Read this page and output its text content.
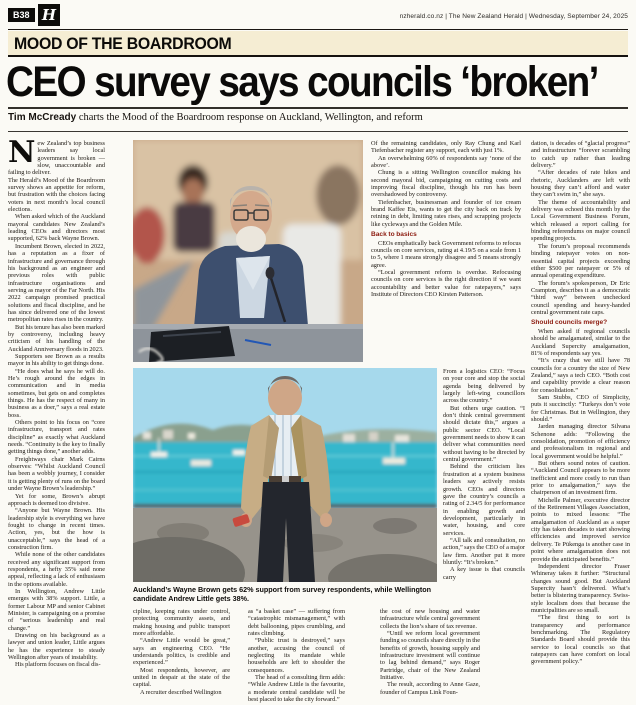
B38 H	nzherald.co.nz | The New Zealand Herald | Wednesday, September 24, 2025
MOOD OF THE BOARDROOM
CEO survey says councils ‘broken’
Tim McCready charts the Mood of the Boardroom response on Auckland, Wellington, and reform

New Zealand’s top business leaders say local government is broken — slow, unaccountable and failing to deliver.

The Herald’s Mood of the Boardroom survey shows an appetite for reform, but frustration with the choices facing voters in next month’s local council elections.

When asked which of the Auckland mayoral candidates New Zealand’s leading CEOs and directors most supported, 62% back Wayne Brown.

Incumbent Brown, elected in 2022, has a reputation as a fixer of infrastructure and governance through his background as an engineer and previous roles with public infrastructure organisations and serving as mayor of the Far North. His 2022 campaign promised practical solutions and fiscal discipline, and he has since delivered one of the lowest metropolitan rates rises in the country.

But his tenure has also been marked by controversy, including heavy criticism of his handling of the Auckland Anniversary floods in 2023.

Supporters see Brown as a results mayor in his ability to get things done.

“He does what he says he will do. He’s rough around the edges in communication and in media sometimes, but gets on and completes things. He has the respect of many in business as a doer,” says a real estate boss.

Others point to his focus on “core infrastructure, transport and rates discipline” as exactly what Auckland needs. “Continuity is the key to finally getting things done,” another adds.

Freightways chair Mark Cairns observes: “Whilst Auckland Council has been a wobbly journey, I consider it is getting plenty of runs on the board under Wayne Brown’s leadership.”

Yet for some, Brown’s abrupt approach is deemed too divisive.

“Anyone but Wayne Brown. His leadership style is everything we have fought to change in recent times. Action, yes, but the how is unacceptable,” says the head of a construction firm.

While none of the other candidates received any significant support from respondents, a hefty 35% said none appeal, reflecting a lack of enthusiasm in the options available.

In Wellington, Andrew Little emerges with 38% support. Little, a former Labour MP and senior Cabinet Minister, is campaigning on a promise of “serious leadership and real change.”

Drawing on his background as a lawyer and union leader, Little argues he has the experience to steady Wellington after years of instability.

His platform focuses on fiscal dis-

Of the remaining candidates, only Ray Chung and Karl Tiefenbacher register any support, each with just 1%.

An overwhelming 60% of respondents say ‘none of the above’.

Chung is a sitting Wellington councillor making his second mayoral bid, campaigning on cutting costs and improving fiscal discipline, though his run has been overshadowed by controversy.

Tiefenbacher, businessman and founder of ice cream brand Kaffee Eis, wants to get the city back on track by reining in debt, limiting rates rises, and scrapping projects like cycleways and the Golden Mile.

Back to basics

CEOs emphatically back Government reforms to refocus councils on core services, rating at 4.19/5 on a scale from 1 to 5, where 1 means strongly disagree and 5 means strongly agree.

“Local government reform is overdue. Refocusing councils on core services is the right direction if we want accountability and better value for ratepayers,” says Institute of Directors CEO Kirsten Patterson.

dation, is decades of “glacial progress” and infrastructure “forever scrambling to catch up rather than leading delivery.”

“After decades of rate hikes and rhetoric, Aucklanders are left with housing they can’t afford and water they can’t swim in,” she says.

The theme of accountability and delivery was echoed this month by the Local Government Business Forum, which released a report calling for binding referendums on major council spending projects.

The forum’s proposal recommends binding ratepayer votes on non-essential capital projects exceeding either $500 per ratepayer or 5% of annual operating expenditure.

The forum’s spokesperson, Dr Eric Crampton, describes it as a democratic “third way” between unchecked council spending and heavy-handed central government rate caps.

Should councils merge?

When asked if regional councils should be amalgamated, similar to the Auckland Supercity amalgamation, 81% of respondents say yes.

“It’s crazy that we still have 78 councils for a country the size of New Zealand,” says a tech CEO. “Both cost and capability provide a clear reason for consolidation.”

Sam Stubbs, CEO of Simplicity, puts it succinctly: “Turkeys don’t vote for Christmas. But in Wellington, they should.”

Jarden managing director Silvana Schenone adds: “Following the consolidation, promotion of efficiency and professionalism in regional and local government would be helpful.”

But others sound notes of caution. “Auckland Council appears to be more inefficient and more costly to run than prior to amalgamation,” says the chairperson of an investment firm.

Michelle Palmer, executive director of the Retirement Villages Association, points to mixed lessons: “The amalgamation of Auckland as a super city has taken decades to start showing efficiencies and improved service delivery. Te Pūkenga is another case in point where amalgamation does not provide the anticipated benefits.”

Independent director Fraser Whineray takes it further: “Structural changes sound good. But Auckland Supercity hasn’t delivered. What’s better is blistering transparency. Swiss-style localism does that because the municipalities are so small.

“The first thing to sort is transparency and performance benchmarking. The Regulatory Standards Board should provide this service to local councils so that ratepayers can have comfort on local government policy.”

From a logistics CEO: “Focus on your core and stop the social agenda being delivered by largely left-wing councillors across the country.”

But others urge caution. “I don’t think central government should dictate this,” argues a public sector CEO. “Local government needs to show it can deliver what communities need without having to be directed by central government.”

Behind the criticism lies frustration at a system business leaders say actively resists growth. CEOs and directors gave the country’s councils a rating of 2.34/5 for performance in enabling growth and development, particularly in water, housing, and core services.

“All talk and consultation, no action,” says the CEO of a major law firm. Another put it more bluntly: “It’s broken.”

A key issue is that councils carry

Auckland’s Wayne Brown gets 62% support from survey respondents, while Wellington candidate Andrew Little gets 38%.

cipline, keeping rates under control, protecting community assets, and making housing and public transport more affordable.

“Andrew Little would be great,” says an engineering CEO. “He understands politics, is credible and experienced.”

Most respondents, however, are united in despair at the state of the capital.

A recruiter described Wellington

as “a basket case” — suffering from “catastrophic mismanagement,” with debt ballooning, pipes crumbling, and rates climbing.

“Public trust is destroyed,” says another, accusing the council of neglecting its mandate while households are left to shoulder the consequences.

The head of a consulting firm adds: “While Andrew Little is the favourite, a moderate central candidate will be best placed to take the city forward.”

the cost of new housing and water infrastructure while central government collects the lion’s share of tax revenue.

“Until we reform local government funding so councils share directly in the benefits of growth, housing supply and infrastructure investment will continue to lag behind demand,” says Roger Partridge, chair of the New Zealand Initiative.

The result, according to Anne Gaze, founder of Campus Link Foun-
